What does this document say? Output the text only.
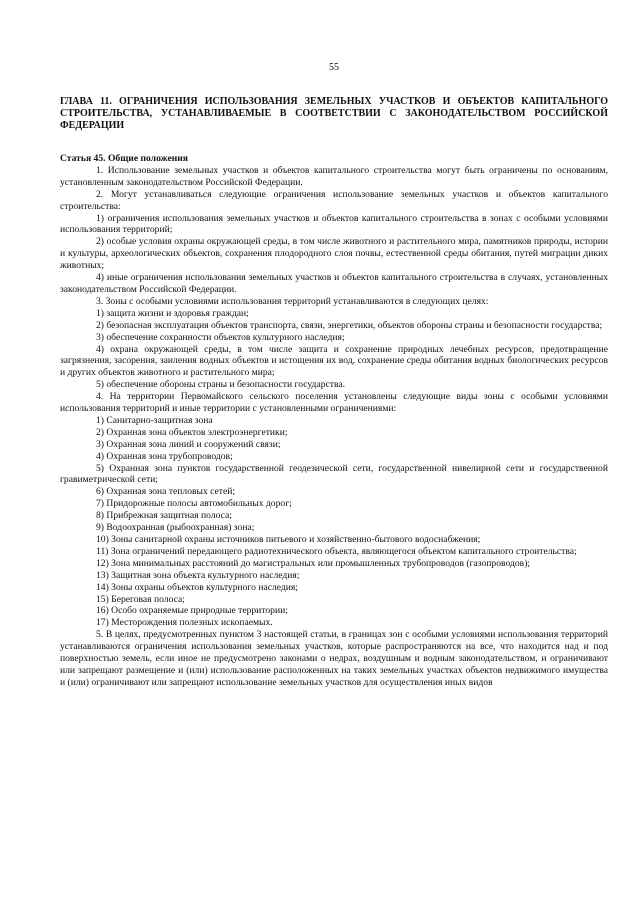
55
ГЛАВА 11. ОГРАНИЧЕНИЯ ИСПОЛЬЗОВАНИЯ ЗЕМЕЛЬНЫХ УЧАСТКОВ И ОБЪЕКТОВ КАПИТАЛЬНОГО СТРОИТЕЛЬСТВА, УСТАНАВЛИВАЕМЫЕ В СООТВЕТСТВИИ С ЗАКОНОДАТЕЛЬСТВОМ РОССИЙСКОЙ ФЕДЕРАЦИИ
Статья 45. Общие положения

1. Использование земельных участков и объектов капитального строительства могут быть ограничены по основаниям, установленным законодательством Российской Федерации.

2. Могут устанавливаться следующие ограничения использование земельных участков и объектов капитального строительства:

1) ограничения использования земельных участков и объектов капитального строительства в зонах с особыми условиями использования территорий;

2) особые условия охраны окружающей среды, в том числе животного и растительного мира, памятников природы, истории и культуры, археологических объектов, сохранения плодородного слоя почвы, естественной среды обитания, путей миграции диких животных;

4) иные ограничения использования земельных участков и объектов капитального строительства в случаях, установленных законодательством Российской Федерации.

3. Зоны с особыми условиями использования территорий устанавливаются в следующих целях:

1) защита жизни и здоровья граждан;

2) безопасная эксплуатация объектов транспорта, связи, энергетики, объектов обороны страны и безопасности государства;

3) обеспечение сохранности объектов культурного наследия;

4) охрана окружающей среды, в том числе защита и сохранение природных лечебных ресурсов, предотвращение загрязнения, засорения, заиления водных объектов и истощения их вод, сохранение среды обитания водных биологических ресурсов и других объектов животного и растительного мира;

5) обеспечение обороны страны и безопасности государства.

4. На территории Первомайского сельского поселения установлены следующие виды зоны с особыми условиями использования территорий и иные территории с установленными ограничениями:

1) Санитарно-защитная зона

2) Охранная зона объектов электроэнергетики;

3) Охранная зона линий и сооружений связи;

4) Охранная зона трубопроводов;

5) Охранная зона пунктов государственной геодезической сети, государственной нивелирной сети и государственной гравиметрической сети;

6) Охранная зона тепловых сетей;

7) Придорожные полосы автомобильных дорог;

8) Прибрежная защитная полоса;

9) Водоохранная (рыбоохранная) зона;

10) Зоны санитарной охраны источников питьевого и хозяйственно-бытового водоснабжения;

11) Зона ограничений передающего радиотехнического объекта, являющегося объектом капитального строительства;

12) Зона минимальных расстояний до магистральных или промышленных трубопроводов (газопроводов);

13) Защитная зона объекта культурного наследия;

14) Зоны охраны объектов культурного наследия;

15) Береговая полоса;

16) Особо охраняемые природные территории;

17) Месторождения полезных ископаемых.

5. В целях, предусмотренных пунктом 3 настоящей статьи, в границах зон с особыми условиями использования территорий устанавливаются ограничения использования земельных участков, которые распространяются на все, что находится над и под поверхностью земель, если иное не предусмотрено законами о недрах, воздушным и водным законодательством, и ограничивают или запрещают размещение и (или) использование расположенных на таких земельных участках объектов недвижимого имущества и (или) ограничивают или запрещают использование земельных участков для осуществления иных видов
